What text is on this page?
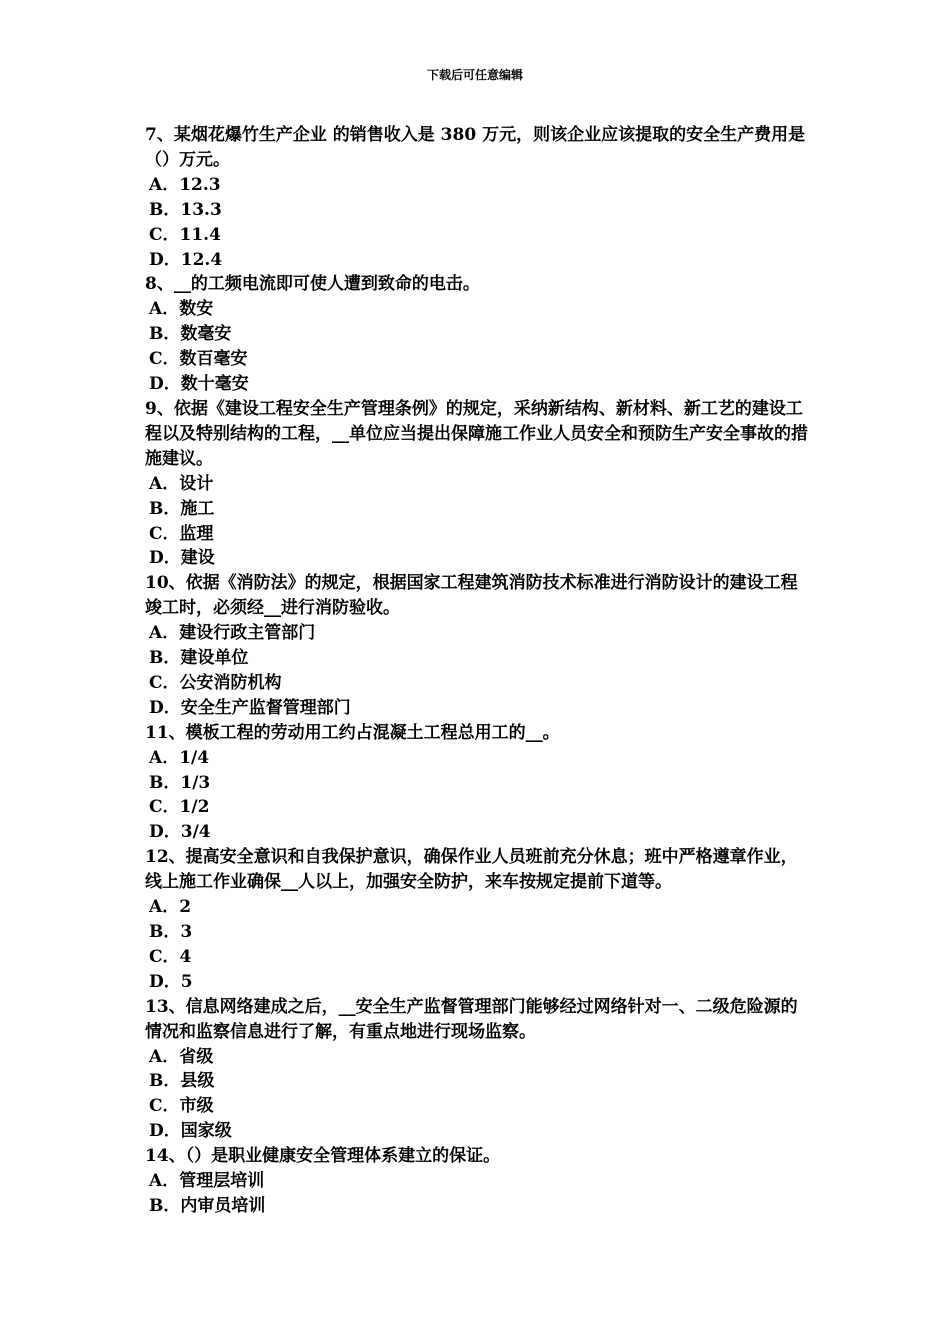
下载后可任意编辑

7、某烟花爆竹生产企业 的销售收入是 380 万元，则该企业应该提取的安全生产费用是（）万元。

A．12.3

B．13.3

C．11.4

D．12.4

8、__的工频电流即可使人遭到致命的电击。

A．数安

B．数毫安

C．数百毫安

D．数十毫安

9、依据《建设工程安全生产管理条例》的规定，采纳新结构、新材料、新工艺的建设工程以及特别结构的工程，__单位应当提出保障施工作业人员安全和预防生产安全事故的措施建议。

A．设计

B．施工

C．监理

D．建设

10、依据《消防法》的规定，根据国家工程建筑消防技术标准进行消防设计的建设工程竣工时，必须经__进行消防验收。

A．建设行政主管部门

B．建设单位

C．公安消防机构

D．安全生产监督管理部门

11、模板工程的劳动用工约占混凝土工程总用工的__。

A．1/4

B．1/3

C．1/2

D．3/4

12、提高安全意识和自我保护意识，确保作业人员班前充分休息；班中严格遵章作业，线上施工作业确保__人以上，加强安全防护，来车按规定提前下道等。

A．2

B．3

C．4

D．5

13、信息网络建成之后，__安全生产监督管理部门能够经过网络针对一、二级危险源的情况和监察信息进行了解，有重点地进行现场监察。

A．省级

B．县级

C．市级

D．国家级

14、（）是职业健康安全管理体系建立的保证。

A．管理层培训

B．内审员培训
